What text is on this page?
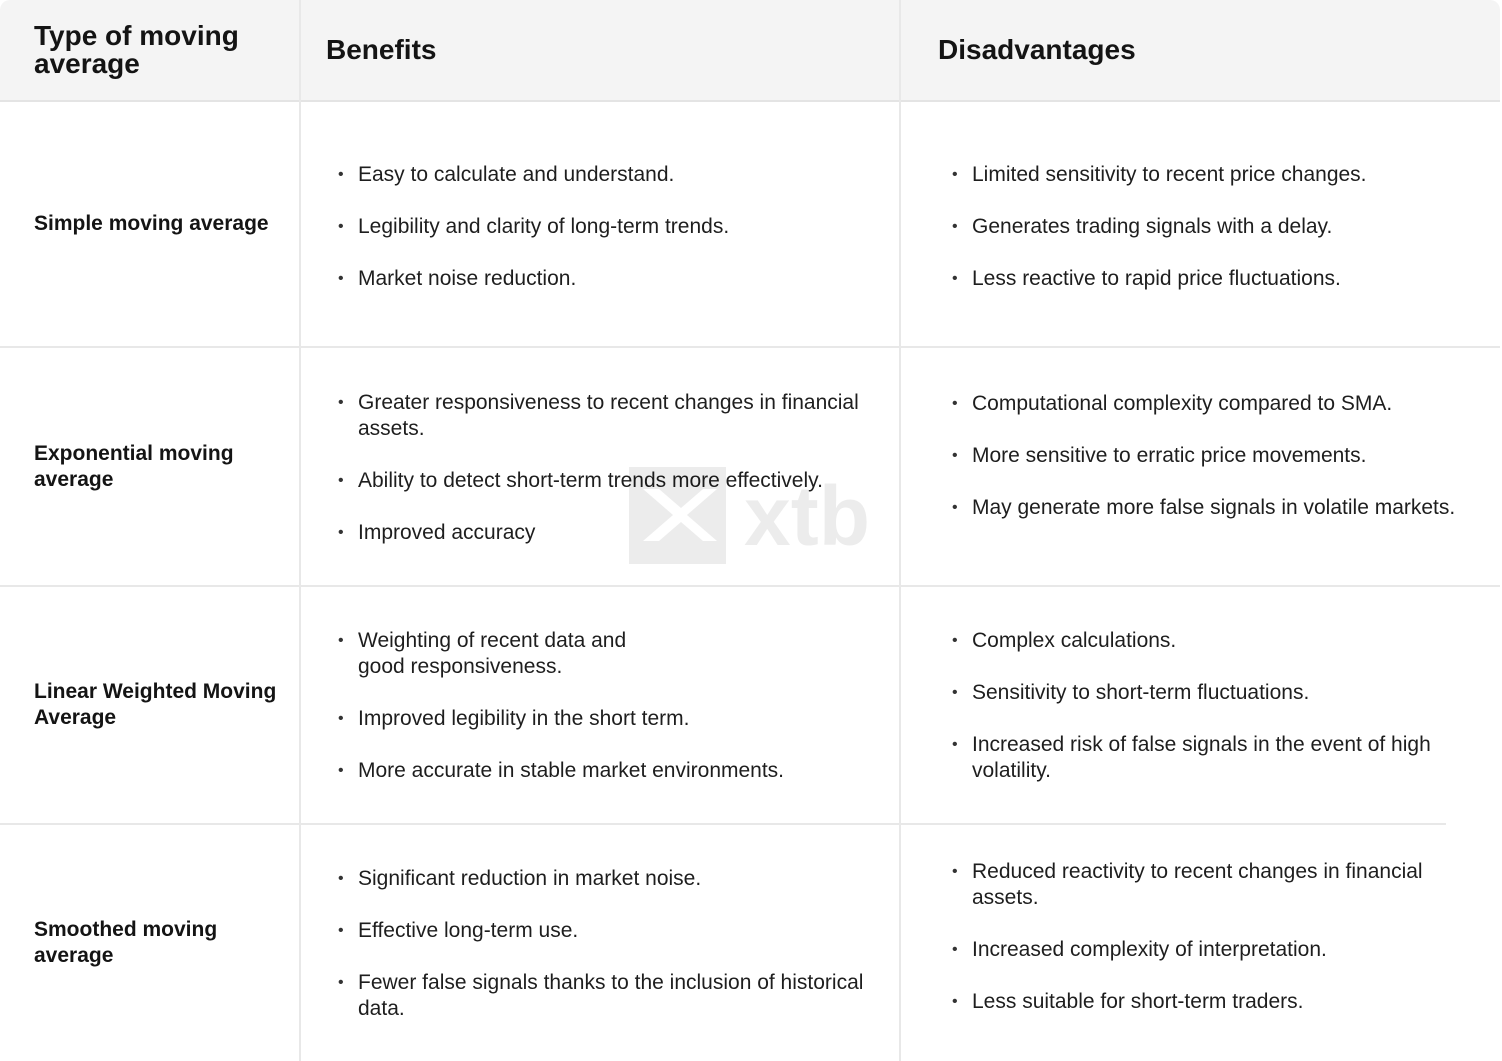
Type of moving average	Benefits	Disadvantages
Simple moving average
• Easy to calculate and understand.
• Legibility and clarity of long-term trends.
• Market noise reduction.
• Limited sensitivity to recent price changes.
• Generates trading signals with a delay.
• Less reactive to rapid price fluctuations.
Exponential moving average
• Greater responsiveness to recent changes in financial assets.
• Ability to detect short-term trends more effectively.
• Improved accuracy
• Computational complexity compared to SMA.
• More sensitive to erratic price movements.
• May generate more false signals in volatile markets.
Linear Weighted Moving Average
• Weighting of recent data and good responsiveness.
• Improved legibility in the short term.
• More accurate in stable market environments.
• Complex calculations.
• Sensitivity to short-term fluctuations.
• Increased risk of false signals in the event of high volatility.
Smoothed moving average
• Significant reduction in market noise.
• Effective long-term use.
• Fewer false signals thanks to the inclusion of historical data.
• Reduced reactivity to recent changes in financial assets.
• Increased complexity of interpretation.
• Less suitable for short-term traders.
xtb
